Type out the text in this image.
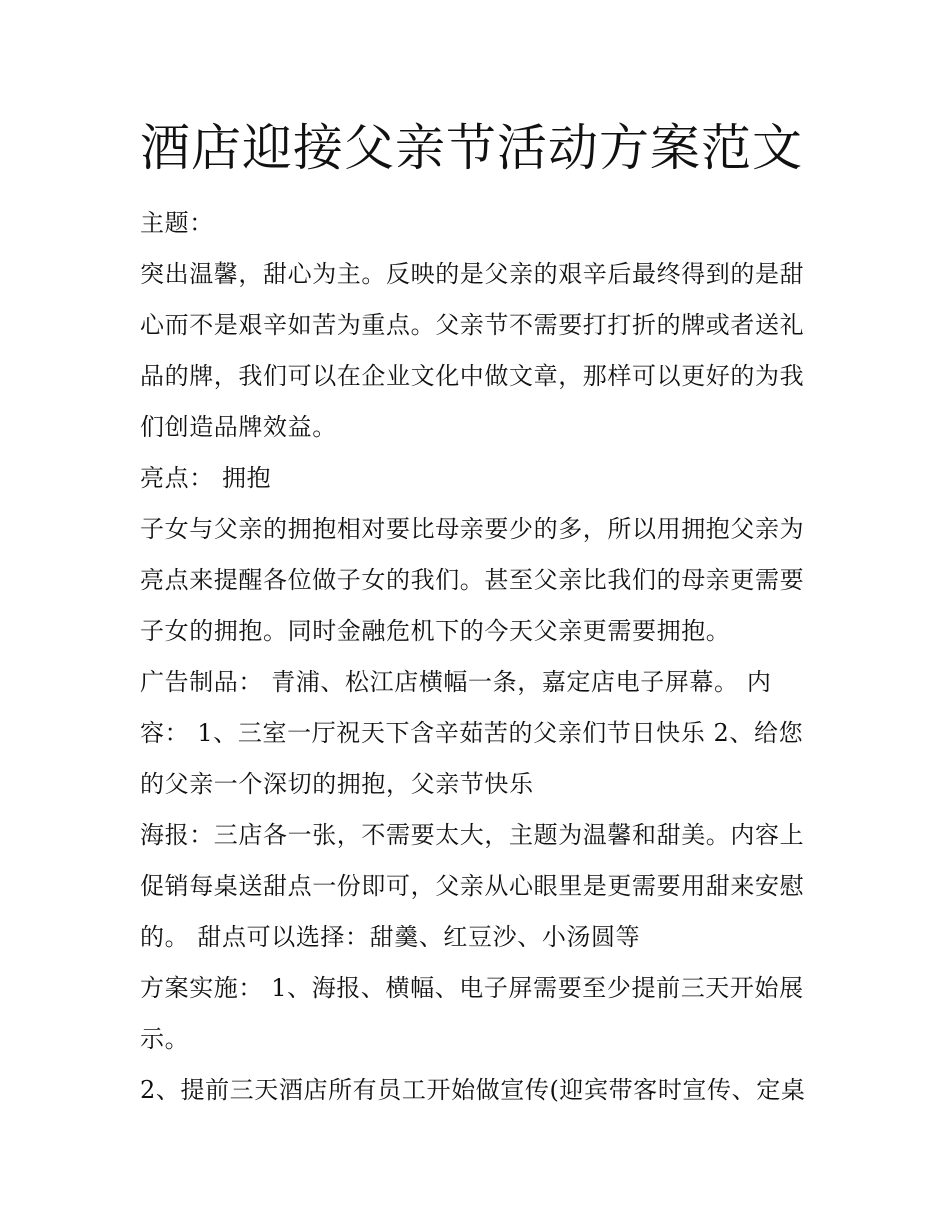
酒店迎接父亲节活动方案范文

主题：

突出温馨，甜心为主。反映的是父亲的艰辛后最终得到的是甜

心而不是艰辛如苦为重点。父亲节不需要打打折的牌或者送礼

品的牌，我们可以在企业文化中做文章，那样可以更好的为我

们创造品牌效益。

亮点： 拥抱

子女与父亲的拥抱相对要比母亲要少的多，所以用拥抱父亲为

亮点来提醒各位做子女的我们。甚至父亲比我们的母亲更需要

子女的拥抱。同时金融危机下的今天父亲更需要拥抱。

广告制品： 青浦、松江店横幅一条，嘉定店电子屏幕。 内

容： 1、三室一厅祝天下含辛茹苦的父亲们节日快乐 2、给您

的父亲一个深切的拥抱，父亲节快乐

海报：三店各一张，不需要太大，主题为温馨和甜美。内容上

促销每桌送甜点一份即可，父亲从心眼里是更需要用甜来安慰

的。 甜点可以选择：甜羹、红豆沙、小汤圆等

方案实施： 1、海报、横幅、电子屏需要至少提前三天开始展

示。

2、提前三天酒店所有员工开始做宣传(迎宾带客时宣传、定桌
